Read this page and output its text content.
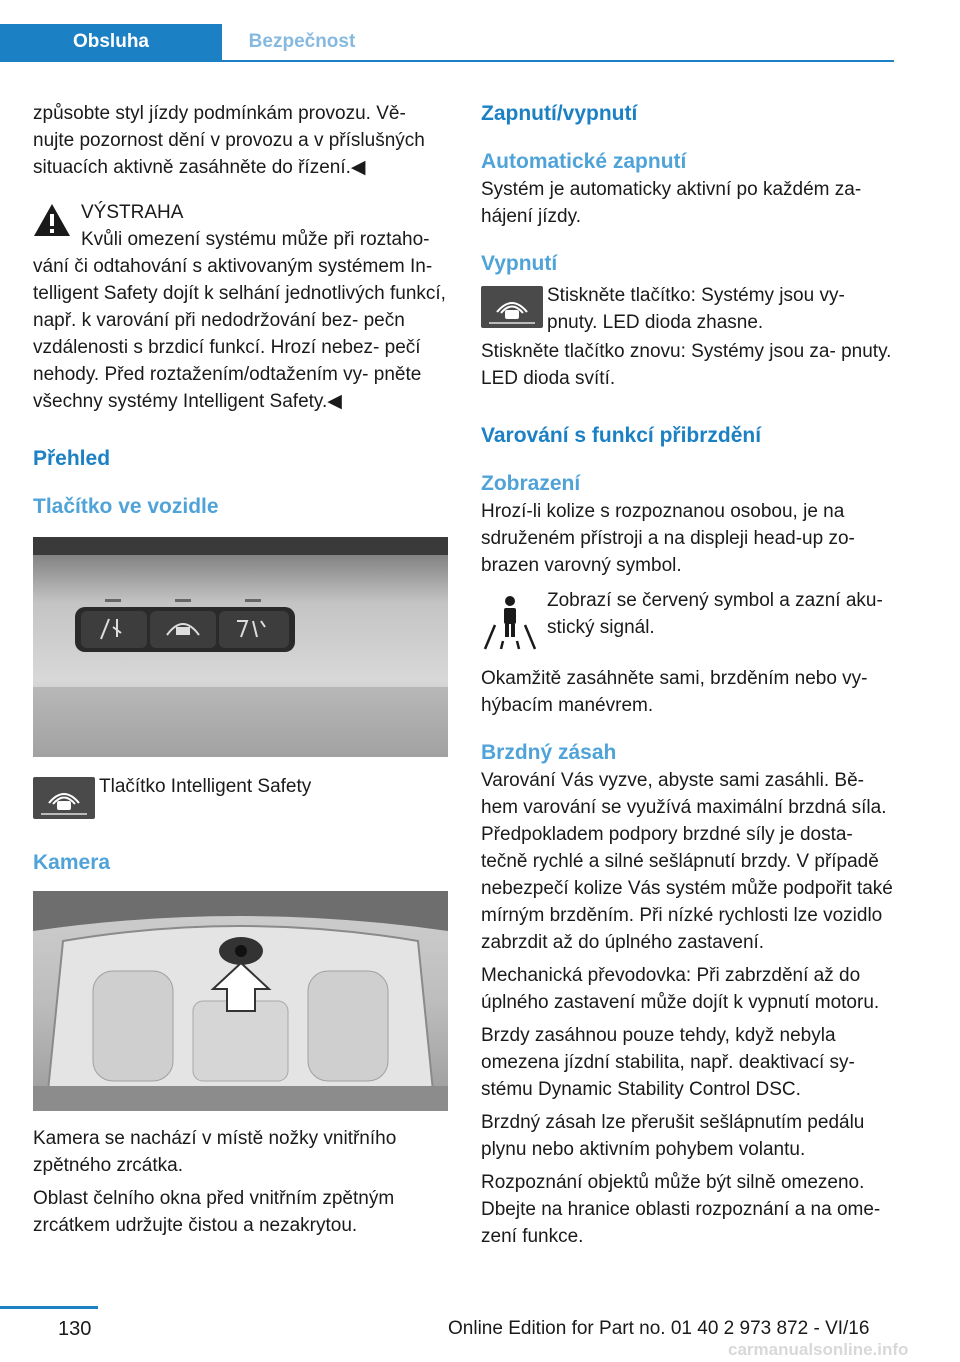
Obsluha	Bezpečnost

způsobte styl jízdy podmínkám provozu. Vě- nujte pozornost dění v provozu a v příslušných situacích aktivně zasáhněte do řízení.◀

VÝSTRAHA

Kvůli omezení systému může při roztaho- vání či odtahování s aktivovaným systémem In- telligent Safety dojít k selhání jednotlivých funkcí, např. k varování při nedodržování bez- pečn vzdálenosti s brzdicí funkcí. Hrozí nebez- pečí nehody. Před roztažením/odtažením vy- pněte všechny systémy Intelligent Safety.◀

Přehled

Tlačítko ve vozidle

Tlačítko Intelligent Safety

Kamera

Kamera se nachází v místě nožky vnitřního zpětného zrcátka.

Oblast čelního okna před vnitřním zpětným zrcátkem udržujte čistou a nezakrytou.

Zapnutí/vypnutí

Automatické zapnutí

Systém je automaticky aktivní po každém za- hájení jízdy.

Vypnutí

Stiskněte tlačítko: Systémy jsou vy- pnuty. LED dioda zhasne.

Stiskněte tlačítko znovu: Systémy jsou za- pnuty. LED dioda svítí.

Varování s funkcí přibrzdění

Zobrazení

Hrozí-li kolize s rozpoznanou osobou, je na sdruženém přístroji a na displeji head-up zo- brazen varovný symbol.

Zobrazí se červený symbol a zazní aku- stický signál.

Okamžitě zasáhněte sami, brzděním nebo vy- hýbacím manévrem.

Brzdný zásah

Varování Vás vyzve, abyste sami zasáhli. Bě- hem varování se využívá maximální brzdná síla. Předpokladem podpory brzdné síly je dosta- tečně rychlé a silné sešlápnutí brzdy. V případě nebezpečí kolize Vás systém může podpořit také mírným brzděním. Při nízké rychlosti lze vozidlo zabrzdit až do úplného zastavení.

Mechanická převodovka: Při zabrzdění až do úplného zastavení může dojít k vypnutí motoru.

Brzdy zasáhnou pouze tehdy, když nebyla omezena jízdní stabilita, např. deaktivací sy- stému Dynamic Stability Control DSC.

Brzdný zásah lze přerušit sešlápnutím pedálu plynu nebo aktivním pohybem volantu.

Rozpoznání objektů může být silně omezeno. Dbejte na hranice oblasti rozpoznání a na ome- zení funkce.

130	Online Edition for Part no. 01 40 2 973 872 - VI/16
carmanualsonline.info
